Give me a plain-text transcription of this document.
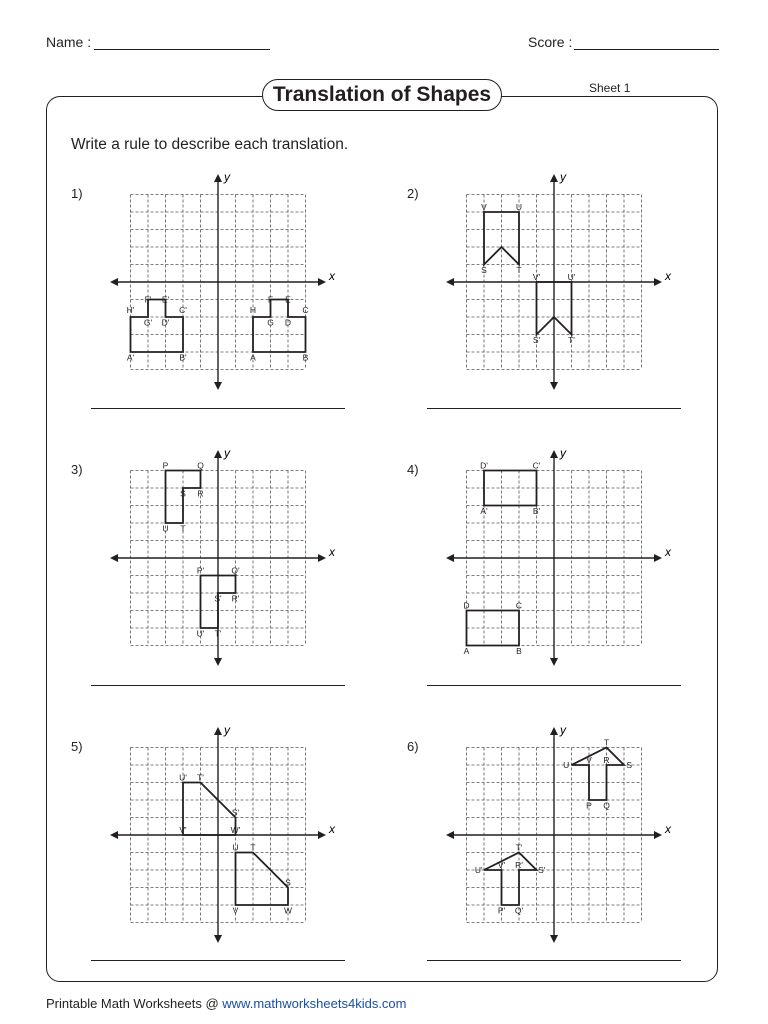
Name :	Score :
Translation of Shapes	Sheet 1
Write a rule to describe each translation.
1)
x
y
F' E'
H'	C'
G' D'
A'	B'
F E
H	C
G D
A	B
2)
x
y
V	U
S	T
V'	U'
S'	T'
3)
x
y
P	Q
S R
U T
P'	Q'
S' R'
U' T'
4)
x
y
D'	C'
A'	B'
D	C
A	B
5)
x
y
U' T'
S'
W'
V'
U T
S
V	W
6)
x
y
T
U
V R
S
P Q
T'
U'
V' R'
S'
P' Q'
Printable Math Worksheets @ www.mathworksheets4kids.com
